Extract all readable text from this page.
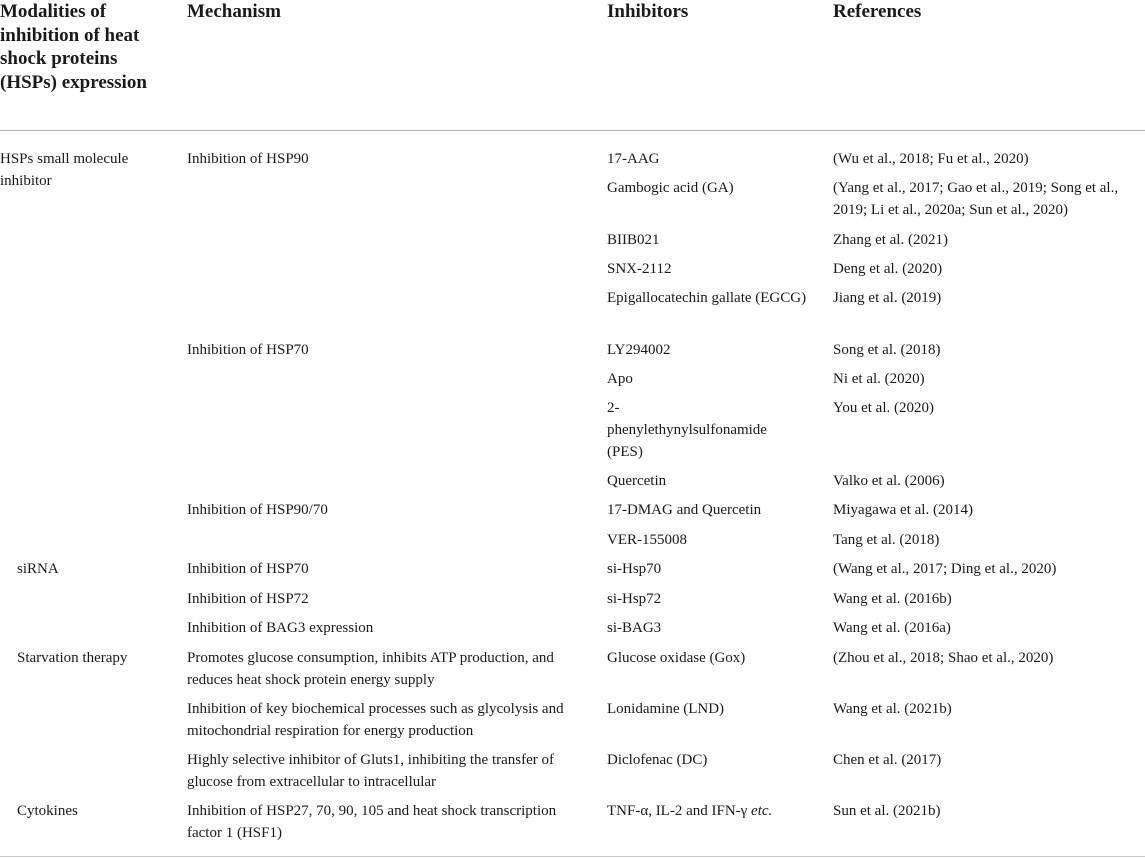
Modalities of inhibition of heat shock proteins (HSPs) expression
Mechanism	Inhibitors	References
HSPs small molecule inhibitor
siRNA
Starvation therapy
Cytokines
Inhibition of HSP90
Inhibition of HSP70
Inhibition of HSP90/70
Inhibition of HSP70
Inhibition of HSP72
Inhibition of BAG3 expression
Promotes glucose consumption, inhibits ATP production, and reduces heat shock protein energy supply
Inhibition of key biochemical processes such as glycolysis and mitochondrial respiration for energy production
Highly selective inhibitor of Gluts1, inhibiting the transfer of glucose from extracellular to intracellular
Inhibition of HSP27, 70, 90, 105 and heat shock transcription factor 1 (HSF1)
17-AAG
Gambogic acid (GA)
BIIB021
SNX-2112
Epigallocatechin gallate (EGCG)
LY294002
Apo
2-
phenylethynylsulfonamide
(PES)
Quercetin
17-DMAG and Quercetin
VER-155008
si-Hsp70
si-Hsp72
si-BAG3
Glucose oxidase (Gox)
Lonidamine (LND)
Diclofenac (DC)
TNF-α, IL-2 and IFN-γ etc.
(Wu et al., 2018; Fu et al., 2020)
(Yang et al., 2017; Gao et al., 2019; Song et al., 2019; Li et al., 2020a; Sun et al., 2020)
Zhang et al. (2021)
Deng et al. (2020)
Jiang et al. (2019)
Song et al. (2018)
Ni et al. (2020)
You et al. (2020)
Valko et al. (2006)
Miyagawa et al. (2014)
Tang et al. (2018)
(Wang et al., 2017; Ding et al., 2020)
Wang et al. (2016b)
Wang et al. (2016a)
(Zhou et al., 2018; Shao et al., 2020)
Wang et al. (2021b)
Chen et al. (2017)
Sun et al. (2021b)
